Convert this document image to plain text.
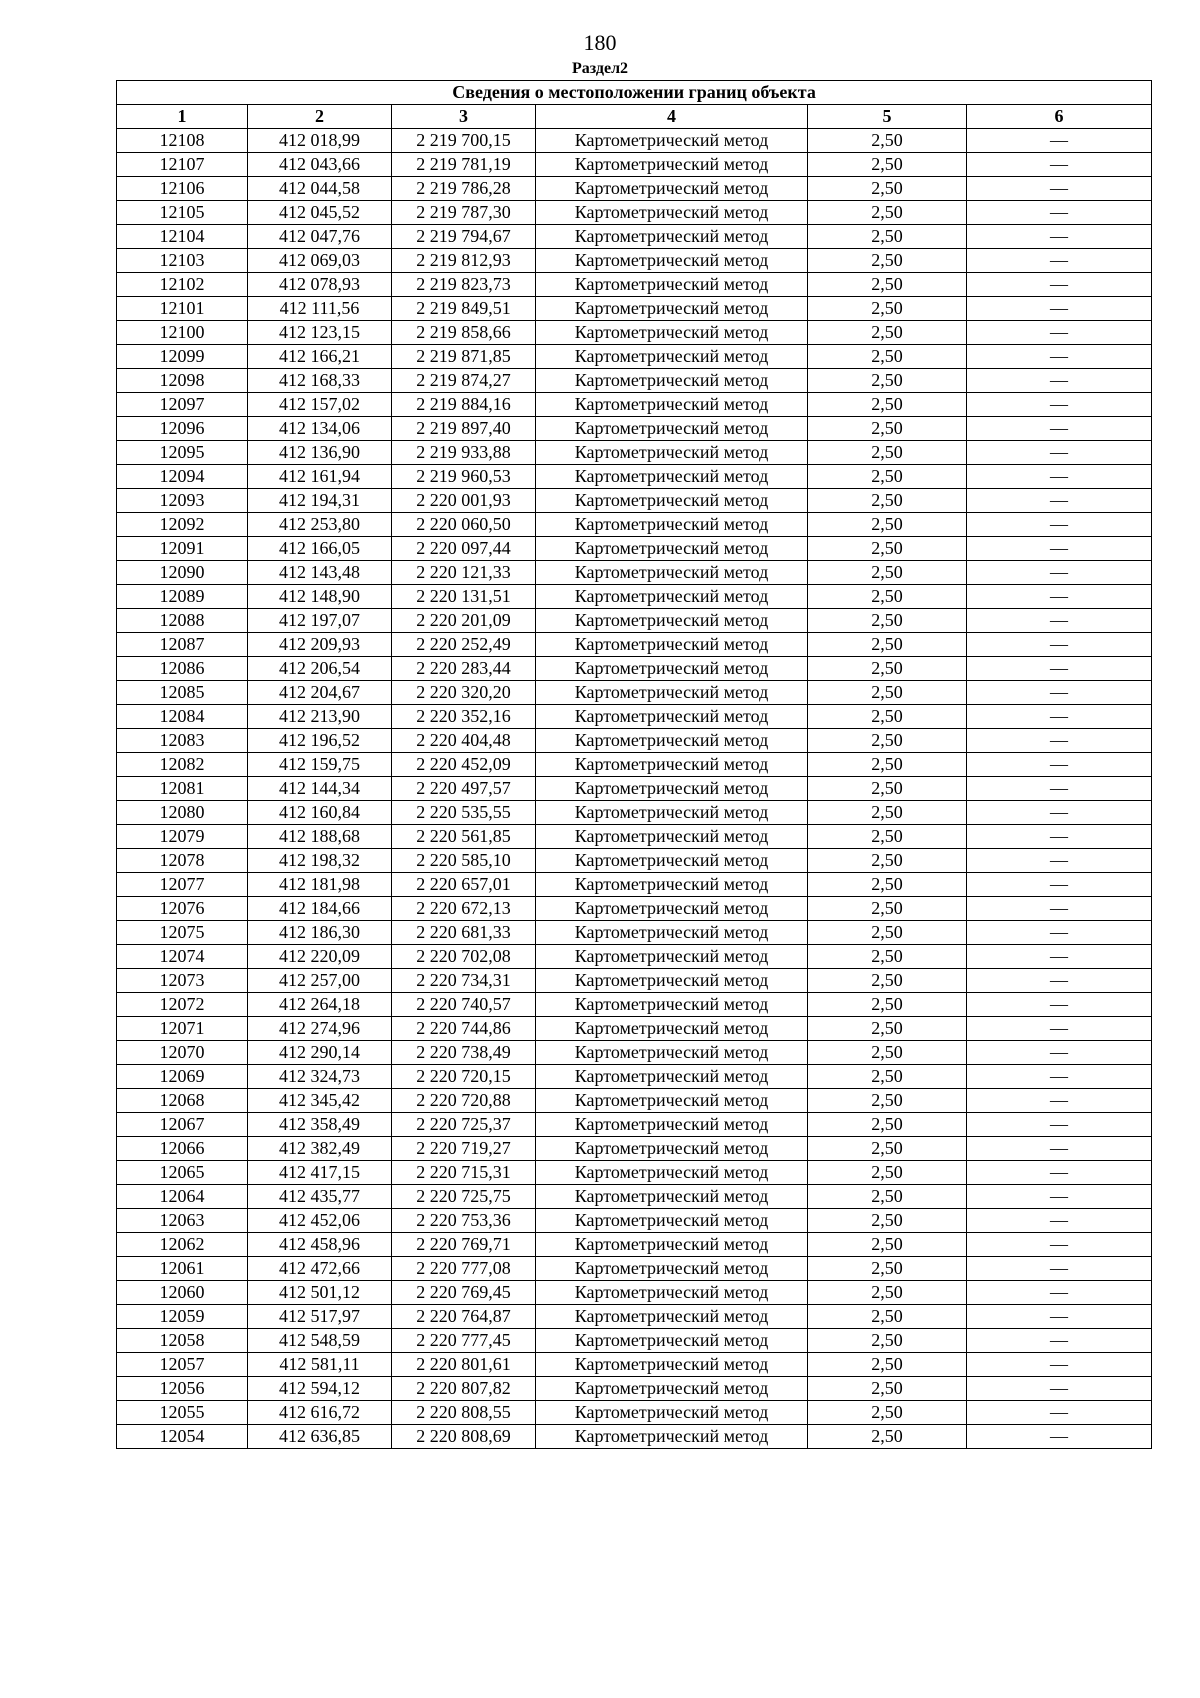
180
Раздел2
Сведения о местоположении границ объекта					
1	2	3	4	5	6
12108	412 018,99	2 219 700,15	Картометрический метод	2,50	—
12107	412 043,66	2 219 781,19	Картометрический метод	2,50	—
12106	412 044,58	2 219 786,28	Картометрический метод	2,50	—
12105	412 045,52	2 219 787,30	Картометрический метод	2,50	—
12104	412 047,76	2 219 794,67	Картометрический метод	2,50	—
12103	412 069,03	2 219 812,93	Картометрический метод	2,50	—
12102	412 078,93	2 219 823,73	Картометрический метод	2,50	—
12101	412 111,56	2 219 849,51	Картометрический метод	2,50	—
12100	412 123,15	2 219 858,66	Картометрический метод	2,50	—
12099	412 166,21	2 219 871,85	Картометрический метод	2,50	—
12098	412 168,33	2 219 874,27	Картометрический метод	2,50	—
12097	412 157,02	2 219 884,16	Картометрический метод	2,50	—
12096	412 134,06	2 219 897,40	Картометрический метод	2,50	—
12095	412 136,90	2 219 933,88	Картометрический метод	2,50	—
12094	412 161,94	2 219 960,53	Картометрический метод	2,50	—
12093	412 194,31	2 220 001,93	Картометрический метод	2,50	—
12092	412 253,80	2 220 060,50	Картометрический метод	2,50	—
12091	412 166,05	2 220 097,44	Картометрический метод	2,50	—
12090	412 143,48	2 220 121,33	Картометрический метод	2,50	—
12089	412 148,90	2 220 131,51	Картометрический метод	2,50	—
12088	412 197,07	2 220 201,09	Картометрический метод	2,50	—
12087	412 209,93	2 220 252,49	Картометрический метод	2,50	—
12086	412 206,54	2 220 283,44	Картометрический метод	2,50	—
12085	412 204,67	2 220 320,20	Картометрический метод	2,50	—
12084	412 213,90	2 220 352,16	Картометрический метод	2,50	—
12083	412 196,52	2 220 404,48	Картометрический метод	2,50	—
12082	412 159,75	2 220 452,09	Картометрический метод	2,50	—
12081	412 144,34	2 220 497,57	Картометрический метод	2,50	—
12080	412 160,84	2 220 535,55	Картометрический метод	2,50	—
12079	412 188,68	2 220 561,85	Картометрический метод	2,50	—
12078	412 198,32	2 220 585,10	Картометрический метод	2,50	—
12077	412 181,98	2 220 657,01	Картометрический метод	2,50	—
12076	412 184,66	2 220 672,13	Картометрический метод	2,50	—
12075	412 186,30	2 220 681,33	Картометрический метод	2,50	—
12074	412 220,09	2 220 702,08	Картометрический метод	2,50	—
12073	412 257,00	2 220 734,31	Картометрический метод	2,50	—
12072	412 264,18	2 220 740,57	Картометрический метод	2,50	—
12071	412 274,96	2 220 744,86	Картометрический метод	2,50	—
12070	412 290,14	2 220 738,49	Картометрический метод	2,50	—
12069	412 324,73	2 220 720,15	Картометрический метод	2,50	—
12068	412 345,42	2 220 720,88	Картометрический метод	2,50	—
12067	412 358,49	2 220 725,37	Картометрический метод	2,50	—
12066	412 382,49	2 220 719,27	Картометрический метод	2,50	—
12065	412 417,15	2 220 715,31	Картометрический метод	2,50	—
12064	412 435,77	2 220 725,75	Картометрический метод	2,50	—
12063	412 452,06	2 220 753,36	Картометрический метод	2,50	—
12062	412 458,96	2 220 769,71	Картометрический метод	2,50	—
12061	412 472,66	2 220 777,08	Картометрический метод	2,50	—
12060	412 501,12	2 220 769,45	Картометрический метод	2,50	—
12059	412 517,97	2 220 764,87	Картометрический метод	2,50	—
12058	412 548,59	2 220 777,45	Картометрический метод	2,50	—
12057	412 581,11	2 220 801,61	Картометрический метод	2,50	—
12056	412 594,12	2 220 807,82	Картометрический метод	2,50	—
12055	412 616,72	2 220 808,55	Картометрический метод	2,50	—
12054	412 636,85	2 220 808,69	Картометрический метод	2,50	—
